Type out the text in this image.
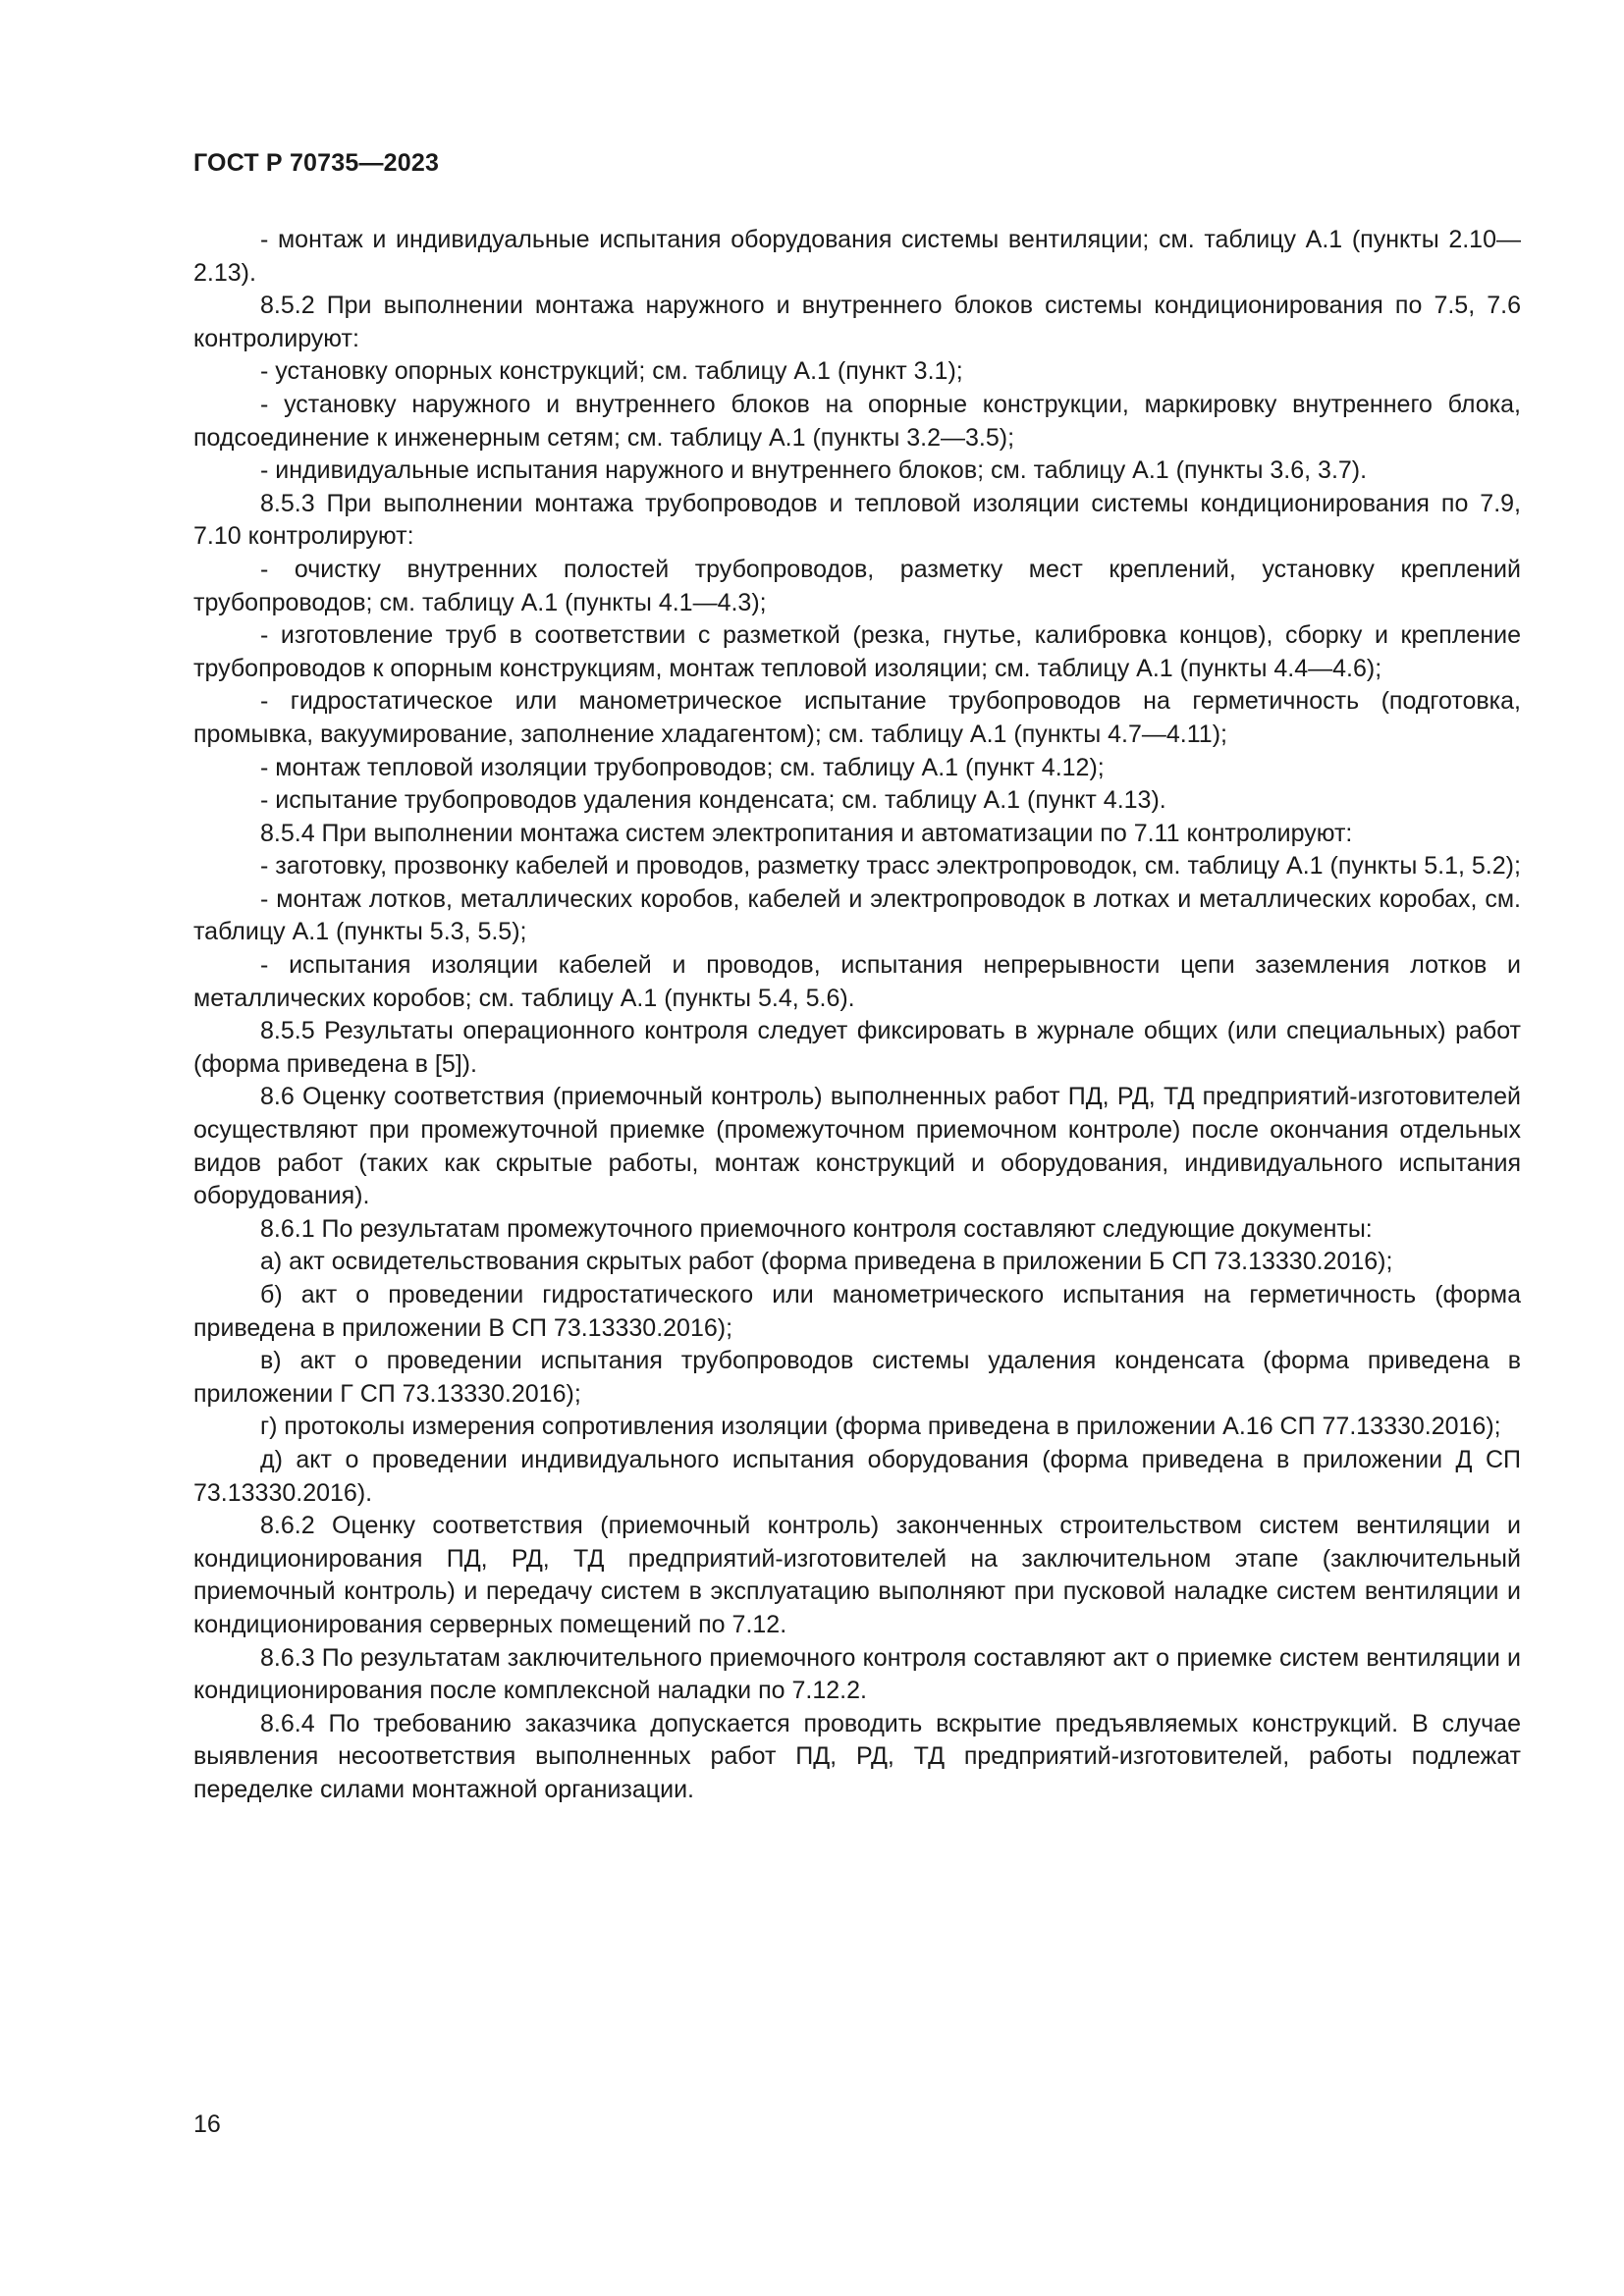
ГОСТ Р 70735—2023

- монтаж и индивидуальные испытания оборудования системы вентиляции; см. таблицу А.1 (пункты 2.10—2.13).

8.5.2 При выполнении монтажа наружного и внутреннего блоков системы кондиционирования по 7.5, 7.6 контролируют:

- установку опорных конструкций; см. таблицу А.1 (пункт 3.1);

- установку наружного и внутреннего блоков на опорные конструкции, маркировку внутреннего блока, подсоединение к инженерным сетям; см. таблицу А.1 (пункты 3.2—3.5);

- индивидуальные испытания наружного и внутреннего блоков; см. таблицу А.1 (пункты 3.6, 3.7).

8.5.3 При выполнении монтажа трубопроводов и тепловой изоляции системы кондиционирования по 7.9, 7.10 контролируют:

- очистку внутренних полостей трубопроводов, разметку мест креплений, установку креплений трубопроводов; см. таблицу А.1 (пункты 4.1—4.3);

- изготовление труб в соответствии с разметкой (резка, гнутье, калибровка концов), сборку и крепление трубопроводов к опорным конструкциям, монтаж тепловой изоляции; см. таблицу А.1 (пункты 4.4—4.6);

- гидростатическое или манометрическое испытание трубопроводов на герметичность (подготовка, промывка, вакуумирование, заполнение хладагентом); см. таблицу А.1 (пункты 4.7—4.11);

- монтаж тепловой изоляции трубопроводов; см. таблицу А.1 (пункт 4.12);

- испытание трубопроводов удаления конденсата; см. таблицу А.1 (пункт 4.13).

8.5.4 При выполнении монтажа систем электропитания и автоматизации по 7.11 контролируют:

- заготовку, прозвонку кабелей и проводов, разметку трасс электропроводок, см. таблицу А.1 (пункты 5.1, 5.2);

- монтаж лотков, металлических коробов, кабелей и электропроводок в лотках и металлических коробах, см. таблицу А.1 (пункты 5.3, 5.5);

- испытания изоляции кабелей и проводов, испытания непрерывности цепи заземления лотков и металлических коробов; см. таблицу А.1 (пункты 5.4, 5.6).

8.5.5 Результаты операционного контроля следует фиксировать в журнале общих (или специальных) работ (форма приведена в [5]).

8.6 Оценку соответствия (приемочный контроль) выполненных работ ПД, РД, ТД предприятий-изготовителей осуществляют при промежуточной приемке (промежуточном приемочном контроле) после окончания отдельных видов работ (таких как скрытые работы, монтаж конструкций и оборудования, индивидуального испытания оборудования).

8.6.1 По результатам промежуточного приемочного контроля составляют следующие документы:

а) акт освидетельствования скрытых работ (форма приведена в приложении Б СП 73.13330.2016);

б) акт о проведении гидростатического или манометрического испытания на герметичность (форма приведена в приложении В СП 73.13330.2016);

в) акт о проведении испытания трубопроводов системы удаления конденсата (форма приведена в приложении Г СП 73.13330.2016);

г) протоколы измерения сопротивления изоляции (форма приведена в приложении А.16 СП 77.13330.2016);

д) акт о проведении индивидуального испытания оборудования (форма приведена в приложении Д СП 73.13330.2016).

8.6.2 Оценку соответствия (приемочный контроль) законченных строительством систем вентиляции и кондиционирования ПД, РД, ТД предприятий-изготовителей на заключительном этапе (заключительный приемочный контроль) и передачу систем в эксплуатацию выполняют при пусковой наладке систем вентиляции и кондиционирования серверных помещений по 7.12.

8.6.3 По результатам заключительного приемочного контроля составляют акт о приемке систем вентиляции и кондиционирования после комплексной наладки по 7.12.2.

8.6.4 По требованию заказчика допускается проводить вскрытие предъявляемых конструкций. В случае выявления несоответствия выполненных работ ПД, РД, ТД предприятий-изготовителей, работы подлежат переделке силами монтажной организации.

16
